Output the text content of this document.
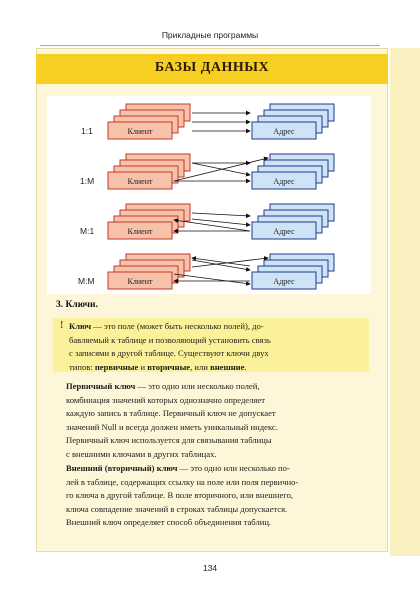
Прикладные программы
БАЗЫ ДАННЫХ
1:1
1:M
M:1
M:M
Клиент	Адрес
Клиент	Адрес
Клиент	Адрес
Клиент	Адрес
3. Ключи.
! Ключ — это поле (может быть несколько полей), до-
бавляемый к таблице и позволяющий установить связь
с записями в другой таблице. Существуют ключи двух
типов: первичные и вторичные, или внешние.
Первичный ключ — это одно или несколько полей,
комбинация значений которых однозначно определяет
каждую запись в таблице. Первичный ключ не допускает
значений Null и всегда должен иметь уникальный индекс.
Первичный ключ используется для связывания таблицы
с внешними ключами в других таблицах.
Внешний (вторичный) ключ — это одно или несколько по-
лей в таблице, содержащих ссылку на поле или поля первично-
го ключа в другой таблице. В поле вторичного, или внешнего,
ключа совпадение значений в строках таблицы допускается.
Внешний ключ определяет способ объединения таблиц.
134
